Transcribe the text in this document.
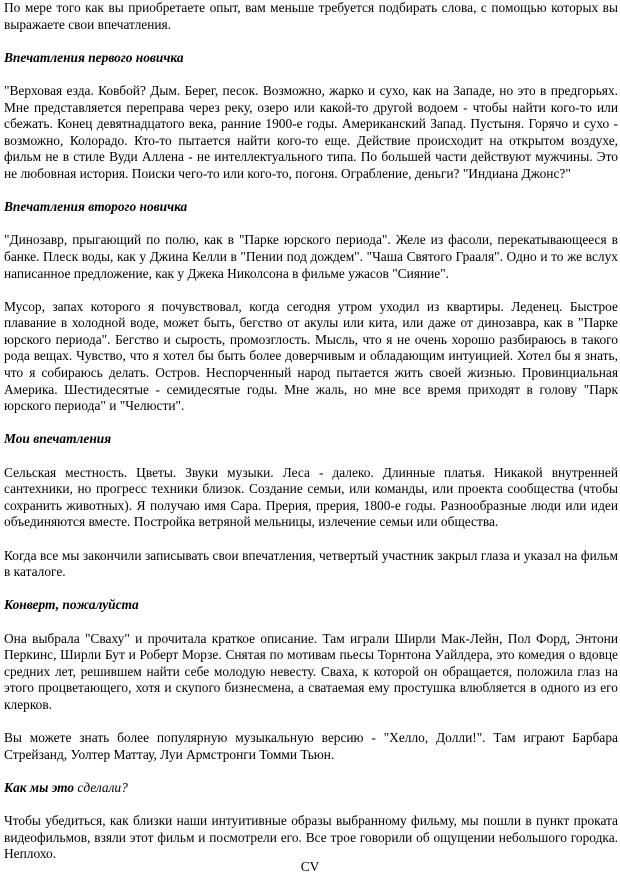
По мере того как вы приобретаете опыт, вам меньше требуется подбирать слова, с помощью которых вы выражаете свои впечатления.

Впечатления первого новичка

"Верховая езда. Ковбой? Дым. Берег, песок. Возможно, жарко и сухо, как на Западе, но это в предгорьях. Мне представляется переправа через реку, озеро или какой-то другой водоем - чтобы найти кого-то или сбежать. Конец девятнадцатого века, ранние 1900-е годы. Американский Запад. Пустыня. Горячо и сухо - возможно, Колорадо. Кто-то пытается найти кого-то еще. Действие происходит на открытом воздухе, фильм не в стиле Вуди Аллена - не интеллектуального типа. По большей части действуют мужчины. Это не любовная история. Поиски чего-то или кого-то, погоня. Ограбление, деньги? "Индиана Джонс?"

Впечатления второго новичка

"Динозавр, прыгающий по полю, как в "Парке юрского периода". Желе из фасоли, перекатывающееся в банке. Плеск воды, как у Джина Келли в "Пении под дождем". "Чаша Святого Грааля". Одно и то же вслух написанное предложение, как у Джека Николсона в фильме ужасов "Сияние".

Мусор, запах которого я почувствовал, когда сегодня утром уходил из квартиры. Леденец. Быстрое плавание в холодной воде, может быть, бегство от акулы или кита, или даже от динозавра, как в "Парке юрского периода". Бегство и сырость, промозглость. Мысль, что я не очень хорошо разбираюсь в такого рода вещах. Чувство, что я хотел бы быть более доверчивым и обладающим интуицией. Хотел бы я знать, что я собираюсь делать. Остров. Неспорченный народ пытается жить своей жизнью. Провинциальная Америка. Шестидесятые - семидесятые годы. Мне жаль, но мне все время приходят в голову "Парк юрского периода" и "Челюсти".

Мои впечатления

Сельская местность. Цветы. Звуки музыки. Леса - далеко. Длинные платья. Никакой внутренней сантехники, но прогресс техники близок. Создание семьи, или команды, или проекта сообщества (чтобы сохранить животных). Я получаю имя Сара. Прерия, прерия, 1800-е годы. Разнообразные люди или идеи объединяются вместе. Постройка ветряной мельницы, излечение семьи или общества.

Когда все мы закончили записывать свои впечатления, четвертый участник закрыл глаза и указал на фильм в каталоге.

Конверт, пожалуйста

Она выбрала "Сваху" и прочитала краткое описание. Там играли Ширли Мак-Лейн, Пол Форд, Энтони Перкинс, Ширли Бут и Роберт Морзе. Снятая по мотивам пьесы Торнтона Уайлдера, это комедия о вдовце средних лет, решившем найти себе молодую невесту. Сваха, к которой он обращается, положила глаз на этого процветающего, хотя и скупого бизнесмена, а сватаемая ему простушка влюбляется в одного из его клерков.

Вы можете знать более популярную музыкальную версию - "Хелло, Долли!". Там играют Барбара Стрейзанд, Уолтер Маттау, Луи Армстронги Томми Тьюн.

Как мы это сделали?

Чтобы убедиться, как близки наши интуитивные образы выбранному фильму, мы пошли в пункт проката видеофильмов, взяли этот фильм и посмотрели его. Все трое говорили об ощущении небольшого городка. Неплохо.

CV
